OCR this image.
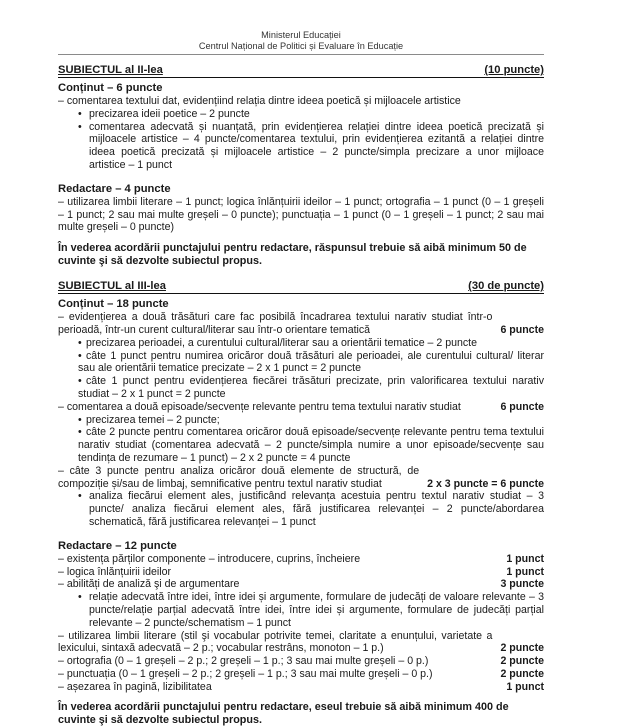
Ministerul Educației
Centrul Național de Politici și Evaluare în Educație
SUBIECTUL al II-lea	(10 puncte)
Conținut – 6 puncte

– comentarea textului dat, evidențiind relația dintre ideea poetică și mijloacele artistice

• precizarea ideii poetice – 2 puncte

• comentarea adecvată și nuanțată, prin evidențierea relației dintre ideea poetică precizată și mijloacele artistice – 4 puncte/comentarea textului, prin evidențierea ezitantă a relației dintre ideea poetică precizată și mijloacele artistice – 2 puncte/simpla precizare a unor mijloace artistice – 1 punct

Redactare – 4 puncte

– utilizarea limbii literare – 1 punct; logica înlănțuirii ideilor – 1 punct; ortografia – 1 punct (0 – 1 greșeli – 1 punct; 2 sau mai multe greșeli – 0 puncte); punctuația – 1 punct (0 – 1 greșeli – 1 punct; 2 sau mai multe greșeli – 0 puncte)

În vederea acordării punctajului pentru redactare, răspunsul trebuie să aibă minimum 50 de cuvinte şi să dezvolte subiectul propus.

SUBIECTUL al III-lea	(30 de puncte)
Conținut – 18 puncte
– evidențierea a două trăsături care fac posibilă încadrarea textului narativ studiat într-o perioadă, într-un curent cultural/literar sau într-o orientare tematică	6 puncte

• precizarea perioadei, a curentului cultural/literar sau a orientării tematice – 2 puncte

• câte 1 punct pentru numirea oricăror două trăsături ale perioadei, ale curentului cultural/ literar sau ale orientării tematice precizate – 2 x 1 punct = 2 puncte

• câte 1 punct pentru evidențierea fiecărei trăsături precizate, prin valorificarea textului narativ studiat – 2 x 1 punct = 2 puncte

– comentarea a două episoade/secvențe relevante pentru tema textului narativ studiat	6 puncte

• precizarea temei – 2 puncte;

• câte 2 puncte pentru comentarea oricăror două episoade/secvențe relevante pentru tema textului narativ studiat (comentarea adecvată – 2 puncte/simpla numire a unor episoade/secvențe sau tendința de rezumare – 1 punct) – 2 x 2 puncte = 4 puncte

– câte 3 puncte pentru analiza oricăror două elemente de structură, de compoziție și/sau de limbaj, semnificative pentru textul narativ studiat	2 x 3 puncte = 6 puncte

• analiza fiecărui element ales, justificând relevanța acestuia pentru textul narativ studiat – 3 puncte/ analiza fiecărui element ales, fără justificarea relevanței – 2 puncte/abordarea schematică, fără justificarea relevanței – 1 punct

Redactare – 12 puncte
– existența părților componente – introducere, cuprins, încheiere	1 punct
– logica înlănțuirii ideilor	1 punct
– abilități de analiză şi de argumentare	3 puncte

• relație adecvată între idei, între idei și argumente, formulare de judecăți de valoare relevante – 3 puncte/relație parțial adecvată între idei, între idei și argumente, formulare de judecăți parțial relevante – 2 puncte/schematism – 1 punct

– utilizarea limbii literare (stil şi vocabular potrivite temei, claritate a enunțului, varietate a lexicului, sintaxă adecvată – 2 p.; vocabular restrâns, monoton – 1 p.)	2 puncte
– ortografia (0 – 1 greșeli – 2 p.; 2 greșeli – 1 p.; 3 sau mai multe greșeli – 0 p.)	2 puncte
– punctuația (0 – 1 greșeli – 2 p.; 2 greșeli – 1 p.; 3 sau mai multe greșeli – 0 p.)	2 puncte
– așezarea în pagină, lizibilitatea	1 punct

În vederea acordării punctajului pentru redactare, eseul trebuie să aibă minimum 400 de cuvinte şi să dezvolte subiectul propus.
